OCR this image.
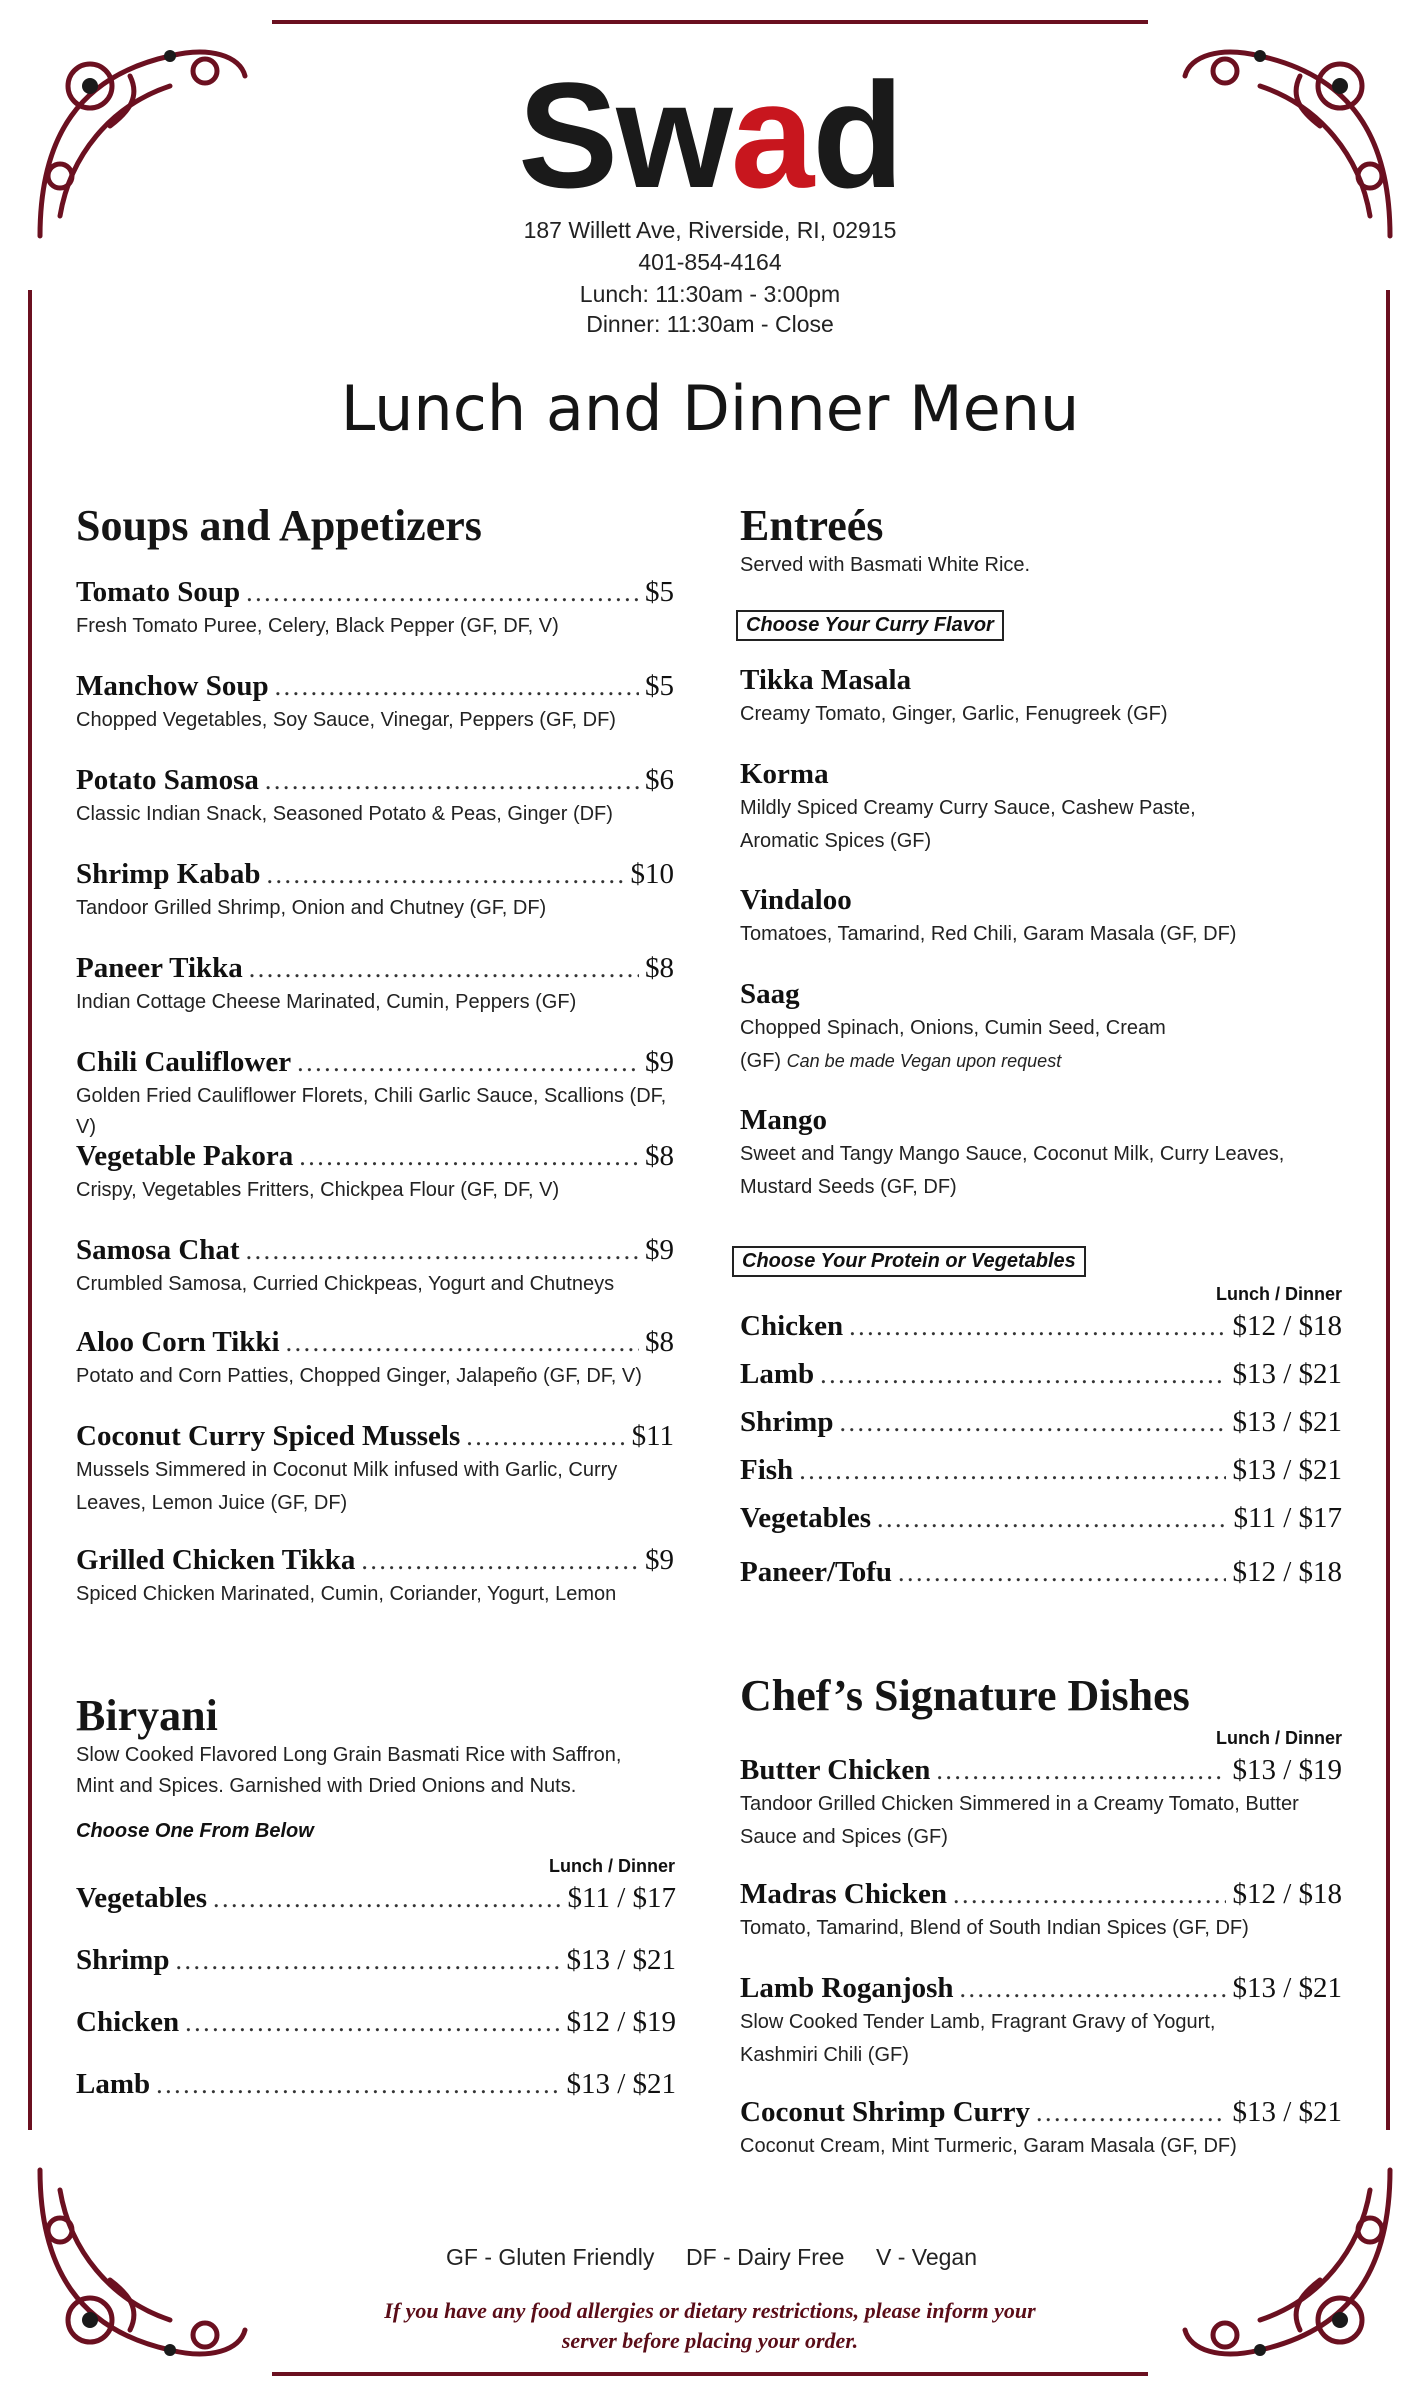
Swad
187 Willett Ave, Riverside, RI, 02915
401-854-4164
Lunch: 11:30am - 3:00pm
Dinner: 11:30am - Close
Lunch and Dinner Menu
Soups and Appetizers
Tomato Soup . . .	$5
Fresh Tomato Puree, Celery, Black Pepper (GF, DF, V)
Manchow Soup . . .	$5
Chopped Vegetables, Soy Sauce, Vinegar, Peppers (GF, DF)
Potato Samosa . . .	$6
Classic Indian Snack, Seasoned Potato & Peas, Ginger (DF)
Shrimp Kabab . . .	$10
Tandoor Grilled Shrimp, Onion and Chutney (GF, DF)
Paneer Tikka . . .	$8
Indian Cottage Cheese Marinated, Cumin, Peppers (GF)
Chili Cauliflower . . .	$9
Golden Fried Cauliflower Florets, Chili Garlic Sauce, Scallions (DF, V)
Vegetable Pakora . . .	$8
Crispy, Vegetables Fritters, Chickpea Flour (GF, DF, V)
Samosa Chat . . .	$9
Crumbled Samosa, Curried Chickpeas, Yogurt and Chutneys
Aloo Corn Tikki . . .	$8
Potato and Corn Patties, Chopped Ginger, Jalapeño (GF, DF, V)
Coconut Curry Spiced Mussels . . .	$11
Mussels Simmered in Coconut Milk infused with Garlic, Curry
Leaves, Lemon Juice (GF, DF)
Grilled Chicken Tikka . . .	$9
Spiced Chicken Marinated, Cumin, Coriander, Yogurt, Lemon
Biryani
Slow Cooked Flavored Long Grain Basmati Rice with Saffron,
Mint and Spices. Garnished with Dried Onions and Nuts.
Choose One From Below
Lunch / Dinner
Vegetables . . .	$11 / $17
Shrimp . . .	$13 / $21
Chicken . . .	$12 / $19
Lamb . . .	$13 / $21
Entreés
Served with Basmati White Rice.
Choose Your Curry Flavor
Tikka Masala
Creamy Tomato, Ginger, Garlic, Fenugreek (GF)
Korma
Mildly Spiced Creamy Curry Sauce, Cashew Paste,
Aromatic Spices (GF)
Vindaloo
Tomatoes, Tamarind, Red Chili, Garam Masala (GF, DF)
Saag
Chopped Spinach, Onions, Cumin Seed, Cream
(GF) Can be made Vegan upon request
Mango
Sweet and Tangy Mango Sauce, Coconut Milk, Curry Leaves,
Mustard Seeds (GF, DF)
Choose Your Protein or Vegetables
Lunch / Dinner
Chicken . . .	$12 / $18
Lamb . . .	$13 / $21
Shrimp . . .	$13 / $21
Fish . . .	$13 / $21
Vegetables . . .	$11 / $17
Paneer/Tofu . . .	$12 / $18
Chef’s Signature Dishes
Lunch / Dinner
Butter Chicken . . .	$13 / $19
Tandoor Grilled Chicken Simmered in a Creamy Tomato, Butter
Sauce and Spices (GF)
Madras Chicken . . .	$12 / $18
Tomato, Tamarind, Blend of South Indian Spices (GF, DF)
Lamb Roganjosh . . .	$13 / $21
Slow Cooked Tender Lamb, Fragrant Gravy of Yogurt,
Kashmiri Chili (GF)
Coconut Shrimp Curry . . .	$13 / $21
Coconut Cream, Mint Turmeric, Garam Masala (GF, DF)
GF - Gluten Friendly DF - Dairy Free V - Vegan
If you have any food allergies or dietary restrictions, please inform your
server before placing your order.
